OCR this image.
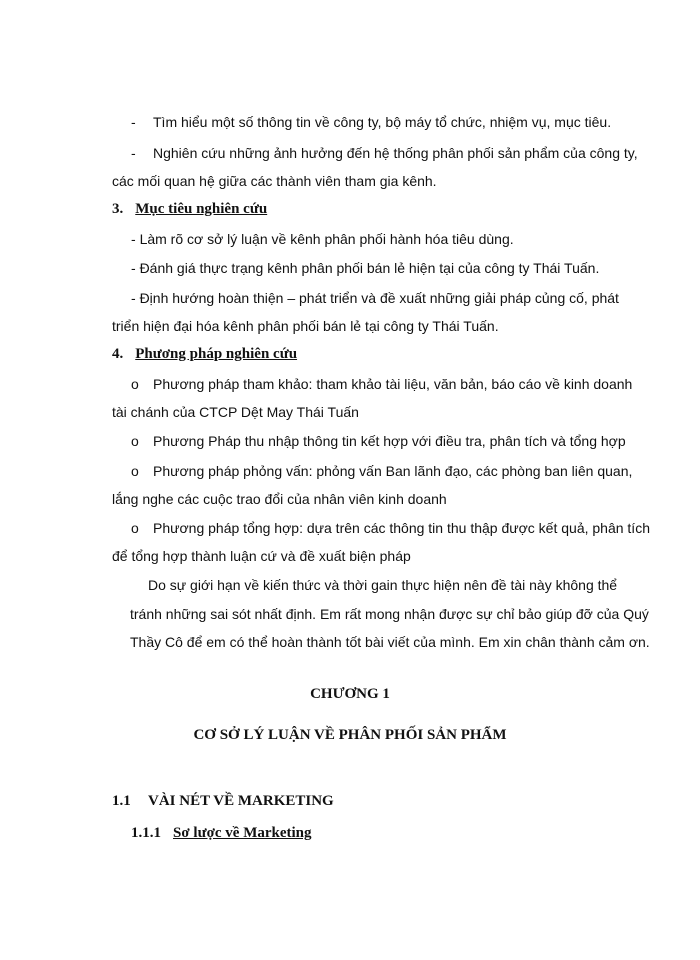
- Tìm hiểu một số thông tin về công ty, bộ máy tổ chức, nhiệm vụ, mục tiêu.
- Nghiên cứu những ảnh hưởng đến hệ thống phân phối sản phẩm của công ty,
các mối quan hệ giữa các thành viên tham gia kênh.
3. Mục tiêu nghiên cứu
- Làm rõ cơ sở lý luận về kênh phân phối hành hóa tiêu dùng.
- Đánh giá thực trạng kênh phân phối bán lẻ hiện tại của công ty Thái Tuấn.
- Định hướng hoàn thiện – phát triển và đề xuất những giải pháp củng cố, phát
triển hiện đại hóa kênh phân phối bán lẻ tại công ty Thái Tuấn.
4. Phương pháp nghiên cứu
o Phương pháp tham khảo: tham khảo tài liệu, văn bản, báo cáo về kinh doanh
tài chánh của CTCP Dệt May Thái Tuấn
o Phương Pháp thu nhập thông tin kết hợp với điều tra, phân tích và tổng hợp
o Phương pháp phỏng vấn: phỏng vấn Ban lãnh đạo, các phòng ban liên quan,
lắng nghe các cuộc trao đổi của nhân viên kinh doanh
o Phương pháp tổng hợp: dựa trên các thông tin thu thập được kết quả, phân tích
để tổng hợp thành luận cứ và đề xuất biện pháp
Do sự giới hạn về kiến thức và thời gain thực hiện nên đề tài này không thể
tránh những sai sót nhất định. Em rất mong nhận được sự chỉ bảo giúp đỡ của Quý
Thầy Cô để em có thể hoàn thành tốt bài viết của mình. Em xin chân thành cảm ơn.
CHƯƠNG 1
CƠ SỞ LÝ LUẬN VỀ PHÂN PHỐI SẢN PHẨM
1.1 VÀI NÉT VỀ MARKETING
1.1.1 Sơ lược về Marketing
